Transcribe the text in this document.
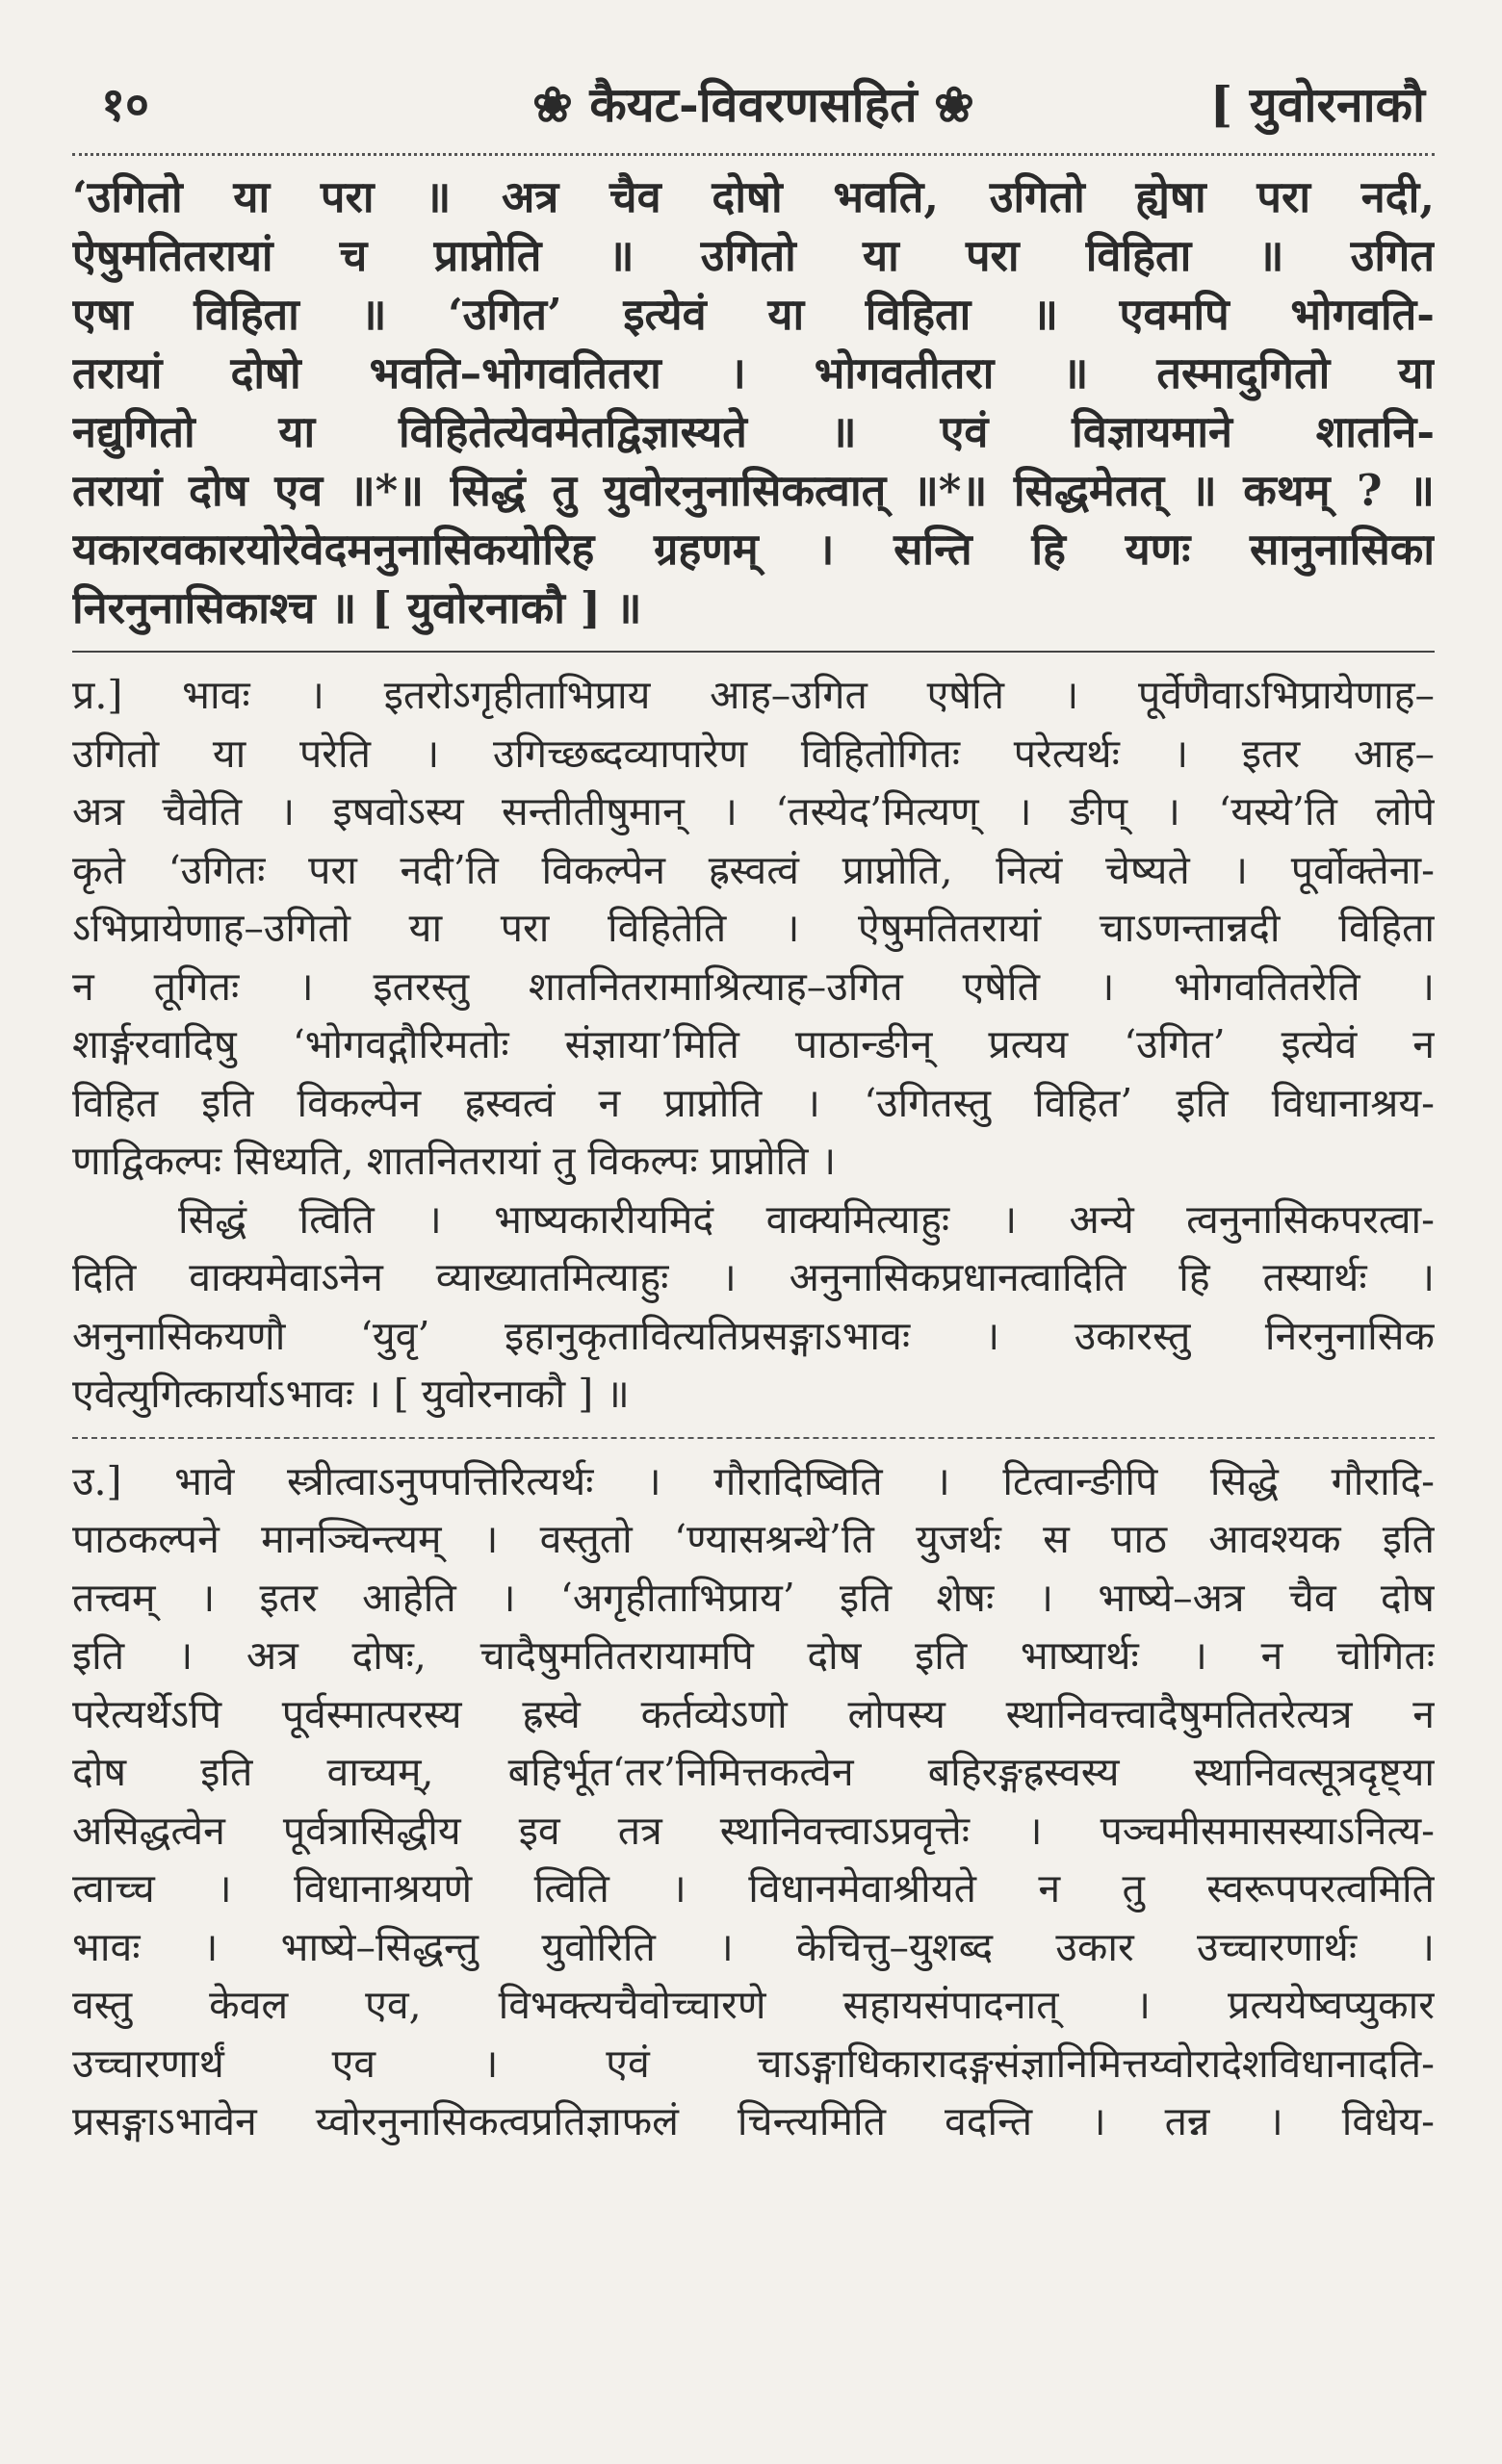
१०	❀ कैयट-विवरणसहितं ❀	[ युवोरनाकौ
‘उगितो या परा ॥ अत्र चैव दोषो भवति, उगितो ह्येषा परा नदी,
ऐषुमतितरायां च प्राप्नोति ॥ उगितो या परा विहिता ॥ उगित
एषा विहिता ॥ ‘उगित’ इत्येवं या विहिता ॥ एवमपि भोगवति-
तरायां दोषो भवति–भोगवतितरा । भोगवतीतरा ॥ तस्मादुगितो या
नद्युगितो या विहितेत्येवमेतद्विज्ञास्यते ॥ एवं विज्ञायमाने शातनि-
तरायां दोष एव ॥*॥ सिद्धं तु युवोरनुनासिकत्वात् ॥*॥ सिद्धमेतत् ॥ कथम् ? ॥
यकारवकारयोरेवेदमनुनासिकयोरिह ग्रहणम् । सन्ति हि यणः सानुनासिका
निरनुनासिकाश्च ॥ [ युवोरनाकौ ] ॥
प्र.] भावः । इतरोऽगृहीताभिप्राय आह–उगित एषेति । पूर्वेणैवाऽभिप्रायेणाह–
उगितो या परेति । उगिच्छब्दव्यापारेण विहितोगितः परेत्यर्थः । इतर आह–
अत्र चैवेति । इषवोऽस्य सन्तीतीषुमान् । ‘तस्येद’मित्यण् । ङीप् । ‘यस्ये’ति लोपे
कृते ‘उगितः परा नदी’ति विकल्पेन ह्रस्वत्वं प्राप्नोति, नित्यं चेष्यते । पूर्वोक्तेना-
ऽभिप्रायेणाह–उगितो या परा विहितेति । ऐषुमतितरायां चाऽणन्तान्नदी विहिता
न तूगितः । इतरस्तु शातनितरामाश्रित्याह–उगित एषेति । भोगवतितरेति ।
शार्ङ्गरवादिषु ‘भोगवद्गौरिमतोः संज्ञाया’मिति पाठान्ङीन् प्रत्यय ‘उगित’ इत्येवं न
विहित इति विकल्पेन ह्रस्वत्वं न प्राप्नोति । ‘उगितस्तु विहित’ इति विधानाश्रय-
णाद्विकल्पः सिध्यति, शातनितरायां तु विकल्पः प्राप्नोति ।
सिद्धं त्विति । भाष्यकारीयमिदं वाक्यमित्याहुः । अन्ये त्वनुनासिकपरत्वा-
दिति वाक्यमेवाऽनेन व्याख्यातमित्याहुः । अनुनासिकप्रधानत्वादिति हि तस्यार्थः ।
अनुनासिकयणौ ‘युवृ’ इहानुकृतावित्यतिप्रसङ्गाऽभावः । उकारस्तु निरनुनासिक
एवेत्युगित्कार्याऽभावः । [ युवोरनाकौ ] ॥
उ.] भावे स्त्रीत्वाऽनुपपत्तिरित्यर्थः । गौरादिष्विति । टित्वान्ङीपि सिद्धे गौरादि-
पाठकल्पने मानञ्चिन्त्यम् । वस्तुतो ‘ण्यासश्रन्थे’ति युजर्थः स पाठ आवश्यक इति
तत्त्वम् । इतर आहेति । ‘अगृहीताभिप्राय’ इति शेषः । भाष्ये–अत्र चैव दोष
इति । अत्र दोषः, चादैषुमतितरायामपि दोष इति भाष्यार्थः । न चोगितः
परेत्यर्थेऽपि पूर्वस्मात्परस्य ह्रस्वे कर्तव्येऽणो लोपस्य स्थानिवत्त्वादैषुमतितरेत्यत्र न
दोष इति वाच्यम्, बहिर्भूत‘तर’निमित्तकत्वेन बहिरङ्गह्रस्वस्य स्थानिवत्सूत्रदृष्ट्या
असिद्धत्वेन पूर्वत्रासिद्धीय इव तत्र स्थानिवत्त्वाऽप्रवृत्तेः । पञ्चमीसमासस्याऽनित्य-
त्वाच्च । विधानाश्रयणे त्विति । विधानमेवाश्रीयते न तु स्वरूपपरत्वमिति
भावः । भाष्ये–सिद्धन्तु युवोरिति । केचित्तु–युशब्द उकार उच्चारणार्थः ।
वस्तु केवल एव, विभक्त्यचैवोच्चारणे सहायसंपादनात् । प्रत्ययेष्वप्युकार
उच्चारणार्थं एव । एवं चाऽङ्गाधिकारादङ्गसंज्ञानिमित्तय्वोरादेशविधानादति-
प्रसङ्गाऽभावेन य्वोरनुनासिकत्वप्रतिज्ञाफलं चिन्त्यमिति वदन्ति । तन्न । विधेय-
